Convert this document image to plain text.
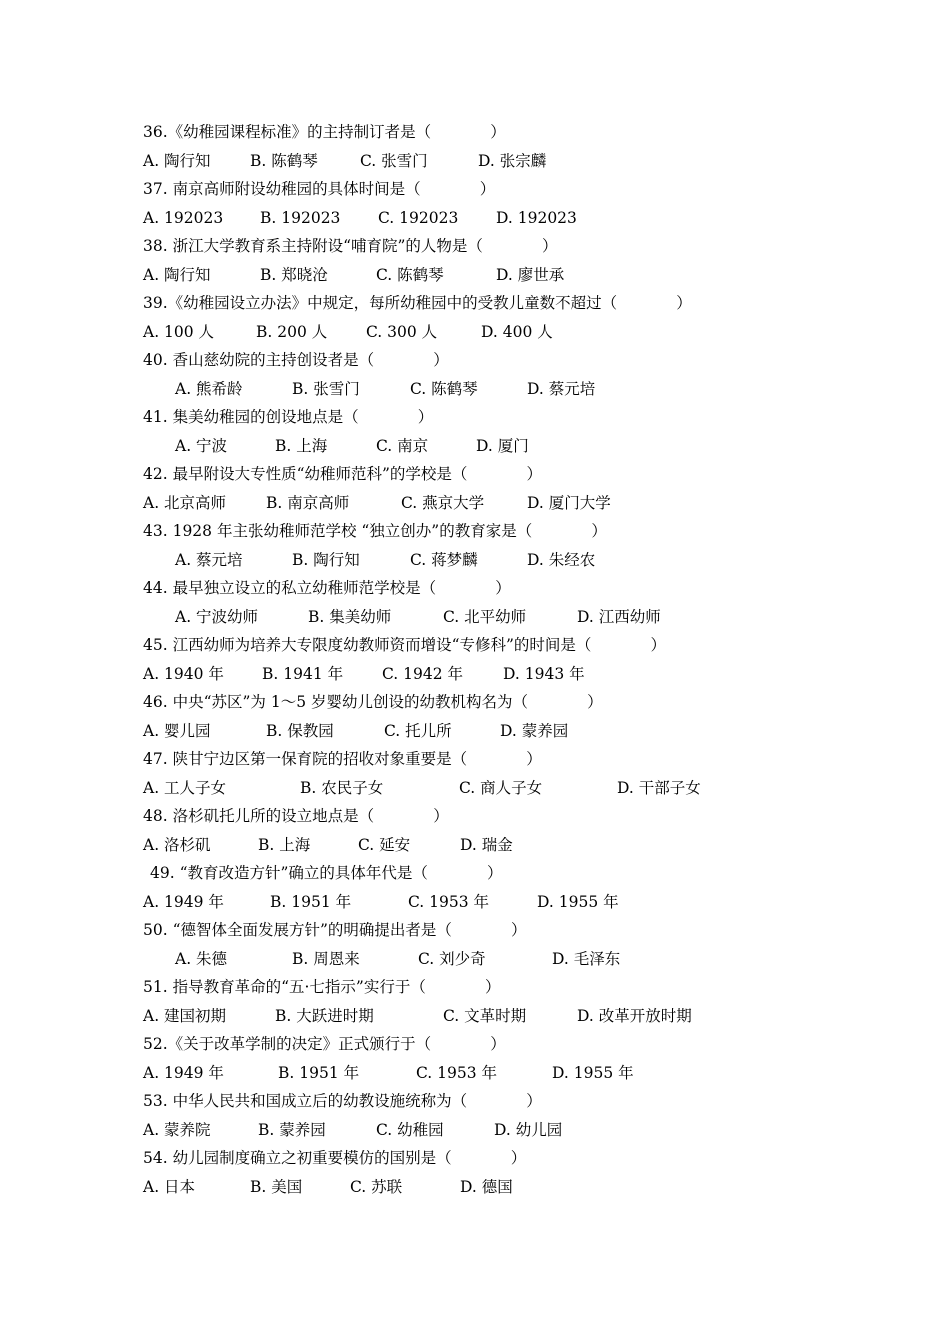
36.《幼稚园课程标准》的主持制订者是（            ）
A. 陶行知	B. 陈鹤琴	C. 张雪门	D. 张宗麟
37. 南京高师附设幼稚园的具体时间是（            ）
A. 192023 B. 192023 C. 192023 D. 192023
38. 浙江大学教育系主持附设“哺育院”的人物是（            ）
A. 陶行知	B. 郑晓沧	C. 陈鹤琴	D. 廖世承
39.《幼稚园设立办法》中规定，每所幼稚园中的受教儿童数不超过（            ）
A. 100 人	B. 200 人 C. 300 人	D. 400 人
40. 香山慈幼院的主持创设者是（            ）
A. 熊希龄	B. 张雪门	C. 陈鹤琴	D. 蔡元培
41. 集美幼稚园的创设地点是（            ）
A. 宁波	B. 上海	C. 南京	D. 厦门
42. 最早附设大专性质“幼稚师范科”的学校是（            ）
A. 北京高师	B. 南京高师	C. 燕京大学	D. 厦门大学
43. 1928 年主张幼稚师范学校 “独立创办”的教育家是（            ）
A. 蔡元培	B. 陶行知	C. 蒋梦麟	D. 朱经农
44. 最早独立设立的私立幼稚师范学校是（            ）
A. 宁波幼师	B. 集美幼师	C. 北平幼师	D. 江西幼师
45. 江西幼师为培养大专限度幼教师资而增设“专修科”的时间是（            ）
A. 1940 年 B. 1941 年	C. 1942 年	D. 1943 年
46. 中央“苏区”为 1～5 岁婴幼儿创设的幼教机构名为（            ）
A. 婴儿园	B. 保教园	C. 托儿所	D. 蒙养园
47. 陕甘宁边区第一保育院的招收对象重要是（            ）
A. 工人子女	B. 农民子女	C. 商人子女	D. 干部子女
48. 洛杉矶托儿所的设立地点是（            ）
A. 洛杉矶	B. 上海	C. 延安	D. 瑞金
49. “教育改造方针”确立的具体年代是（            ）
A. 1949 年	B. 1951 年	C. 1953 年	D. 1955 年
50. “德智体全面发展方针”的明确提出者是（            ）
A. 朱德	B. 周恩来	C. 刘少奇	D. 毛泽东
51. 指导教育革命的“五·七指示”实行于（            ）
A. 建国初期	B. 大跃进时期	C. 文革时期	D. 改革开放时期
52.《关于改革学制的决定》正式颁行于（            ）
A. 1949 年	B. 1951 年	C. 1953 年	D. 1955 年
53. 中华人民共和国成立后的幼教设施统称为（            ）
A. 蒙养院	B. 蒙养园	C. 幼稚园	D. 幼儿园
54. 幼儿园制度确立之初重要模仿的国别是（            ）
A. 日本	B. 美国	C. 苏联	D. 德国
